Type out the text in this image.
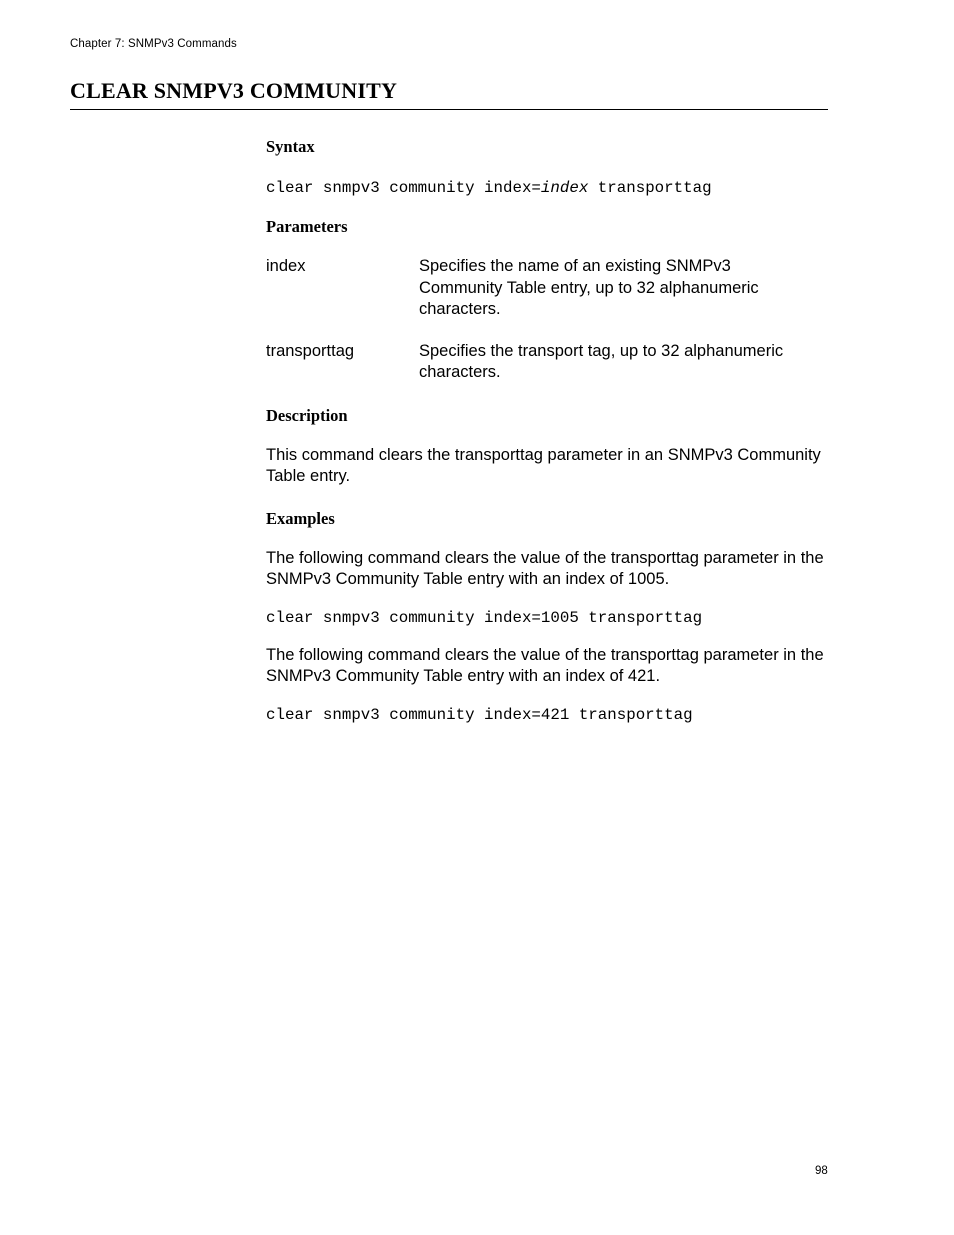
Chapter 7: SNMPv3 Commands
CLEAR SNMPV3 COMMUNITY
Syntax

clear snmpv3 community index=index transporttag

Parameters
index	Specifies the name of an existing SNMPv3 Community Table entry, up to 32 alphanumeric characters.
transporttag	Specifies the transport tag, up to 32 alphanumeric characters.
Description

This command clears the transporttag parameter in an SNMPv3 Community Table entry.

Examples

The following command clears the value of the transporttag parameter in the SNMPv3 Community Table entry with an index of 1005.

clear snmpv3 community index=1005 transporttag

The following command clears the value of the transporttag parameter in the SNMPv3 Community Table entry with an index of 421.

clear snmpv3 community index=421 transporttag

98
